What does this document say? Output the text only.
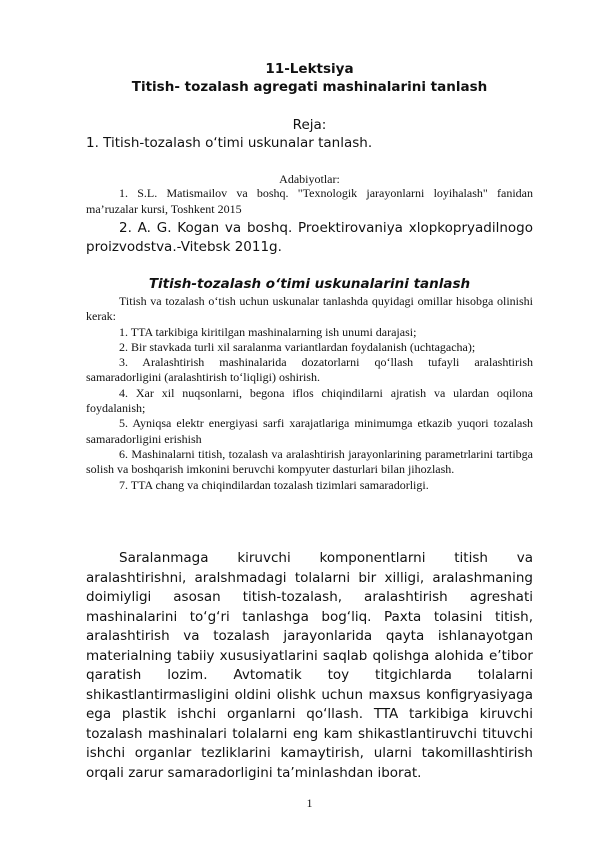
11-Lektsiya
Titish- tozalash agregati mashinalarini tanlash
Reja:
1. Titish-tozalash o‘timi uskunalar tanlash.
Adabiyotlar:

1. S.L. Matismailov va boshq. "Texnologik jarayonlarni loyihalash" fanidan ma’ruzalar kursi, Toshkent 2015

2. A. G. Kogan va boshq. Proektirovaniya xlopkopryadilnogo proizvodstva.-Vitebsk 2011g.

Titish-tozalash o‘timi uskunalarini tanlash

Titish va tozalash o‘tish uchun uskunalar tanlashda quyidagi omillar hisobga olinishi kerak:

1. TTA tarkibiga kiritilgan mashinalarning ish unumi darajasi;

2. Bir stavkada turli xil saralanma variantlardan foydalanish (uchtagacha);

3. Aralashtirish mashinalarida dozatorlarni qo‘llash tufayli aralashtirish samaradorligini (aralashtirish to‘liqligi) oshirish.

4. Xar xil nuqsonlarni, begona iflos chiqindilarni ajratish va ulardan oqilona foydalanish;

5. Ayniqsa elektr energiyasi sarfi xarajatlariga minimumga etkazib yuqori tozalash samaradorligini erishish

6. Mashinalarni titish, tozalash va aralashtirish jarayonlarining parametrlarini tartibga solish va boshqarish imkonini beruvchi kompyuter dasturlari bilan jihozlash.

7. TTA chang va chiqindilardan tozalash tizimlari samaradorligi.

Saralanmaga kiruvchi komponentlarni titish va aralashtirishni, aralshmadagi tolalarni bir xilligi, aralashmaning doimiyligi asosan titish-tozalash, aralashtirish agreshati mashinalarini to‘g‘ri tanlashga bog‘liq. Paxta tolasini titish, aralashtirish va tozalash jarayonlarida qayta ishlanayotgan materialning tabiiy xususiyatlarini saqlab qolishga alohida e’tibor qaratish lozim. Avtomatik toy titgichlarda tolalarni shikastlantirmasligini oldini olishk uchun maxsus konfigryasiyaga ega plastik ishchi organlarni qo‘llash. TTA tarkibiga kiruvchi tozalash mashinalari tolalarni eng kam shikastlantiruvchi tituvchi ishchi organlar tezliklarini kamaytirish, ularni takomillashtirish orqali zarur samaradorligini ta’minlashdan iborat.

1
